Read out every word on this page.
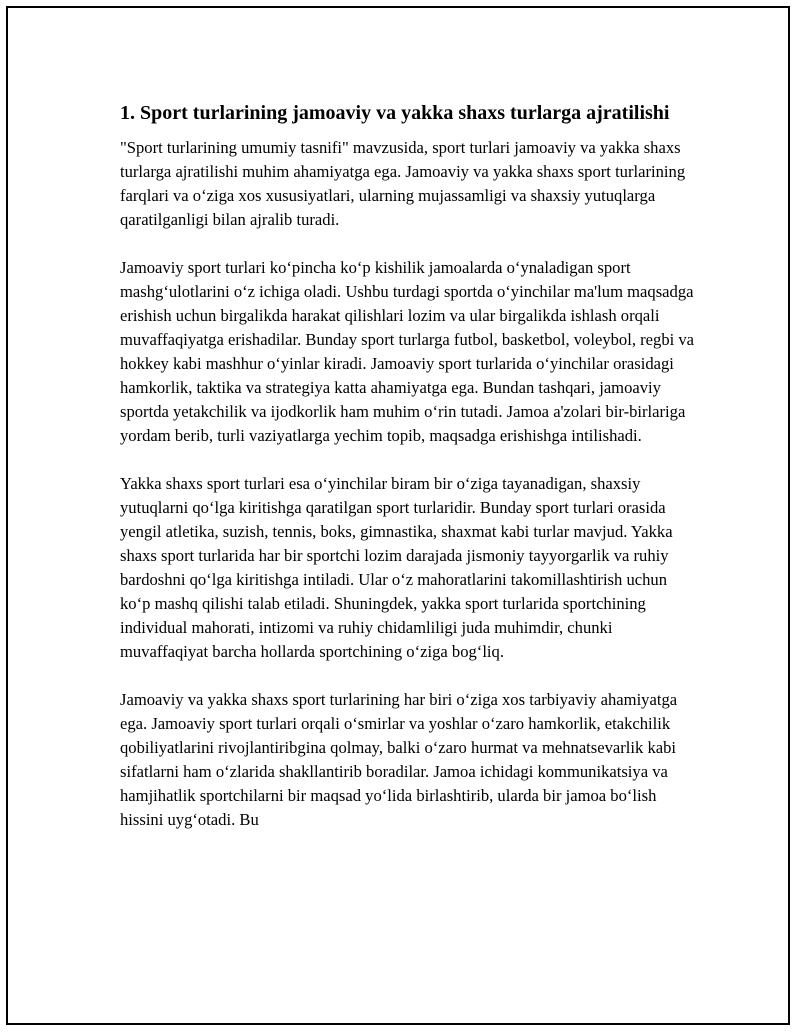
1. Sport turlarining jamoaviy va yakka shaxs turlarga ajratilishi

"Sport turlarining umumiy tasnifi" mavzusida, sport turlari jamoaviy va yakka shaxs turlarga ajratilishi muhim ahamiyatga ega. Jamoaviy va yakka shaxs sport turlarining farqlari va o‘ziga xos xususiyatlari, ularning mujassamligi va shaxsiy yutuqlarga qaratilganligi bilan ajralib turadi.

Jamoaviy sport turlari ko‘pincha ko‘p kishilik jamoalarda o‘ynaladigan sport mashg‘ulotlarini o‘z ichiga oladi. Ushbu turdagi sportda o‘yinchilar ma'lum maqsadga erishish uchun birgalikda harakat qilishlari lozim va ular birgalikda ishlash orqali muvaffaqiyatga erishadilar. Bunday sport turlarga futbol, basketbol, voleybol, regbi va hokkey kabi mashhur o‘yinlar kiradi. Jamoaviy sport turlarida o‘yinchilar orasidagi hamkorlik, taktika va strategiya katta ahamiyatga ega. Bundan tashqari, jamoaviy sportda yetakchilik va ijodkorlik ham muhim o‘rin tutadi. Jamoa a'zolari bir-birlariga yordam berib, turli vaziyatlarga yechim topib, maqsadga erishishga intilishadi.

Yakka shaxs sport turlari esa o‘yinchilar biram bir o‘ziga tayanadigan, shaxsiy yutuqlarni qo‘lga kiritishga qaratilgan sport turlaridir. Bunday sport turlari orasida yengil atletika, suzish, tennis, boks, gimnastika, shaxmat kabi turlar mavjud. Yakka shaxs sport turlarida har bir sportchi lozim darajada jismoniy tayyorgarlik va ruhiy bardoshni qo‘lga kiritishga intiladi. Ular o‘z mahoratlarini takomillashtirish uchun ko‘p mashq qilishi talab etiladi. Shuningdek, yakka sport turlarida sportchining individual mahorati, intizomi va ruhiy chidamliligi juda muhimdir, chunki muvaffaqiyat barcha hollarda sportchining o‘ziga bog‘liq.

Jamoaviy va yakka shaxs sport turlarining har biri o‘ziga xos tarbiyaviy ahamiyatga ega. Jamoaviy sport turlari orqali o‘smirlar va yoshlar o‘zaro hamkorlik, etakchilik qobiliyatlarini rivojlantiribgina qolmay, balki o‘zaro hurmat va mehnatsevarlik kabi sifatlarni ham o‘zlarida shakllantirib boradilar. Jamoa ichidagi kommunikatsiya va hamjihatlik sportchilarni bir maqsad yo‘lida birlashtirib, ularda bir jamoa bo‘lish hissini uyg‘otadi. Bu
